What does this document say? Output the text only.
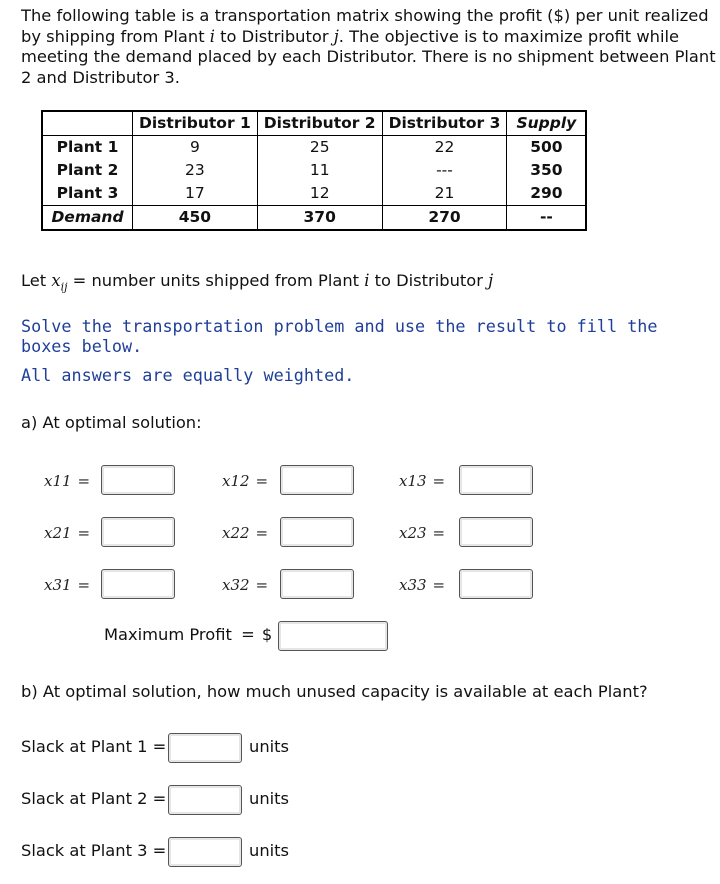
The following table is a transportation matrix showing the profit ($) per unit realized by shipping from Plant i to Distributor j. The objective is to maximize profit while meeting the demand placed by each Distributor. There is no shipment between Plant 2 and Distributor 3.
	Distributor 1	Distributor 2	Distributor 3	Supply
Plant 1	9	25	22	500
Plant 2	23	11	---	350
Plant 3	17	12	21	290
Demand	450	370	270	--
Let $x_{ij}$ = number units shipped from Plant i to Distributor j
Solve the transportation problem and use the result to fill the
boxes below.
All answers are equally weighted.
a) At optimal solution:
x11 =	x12 =	x13 =
x21 =	x22 =	x23 =
x31 =	x32 =	x33 =
Maximum Profit = $
b) At optimal solution, how much unused capacity is available at each Plant?
Slack at Plant 1 =	units
Slack at Plant 2 =	units
Slack at Plant 3 =	units
